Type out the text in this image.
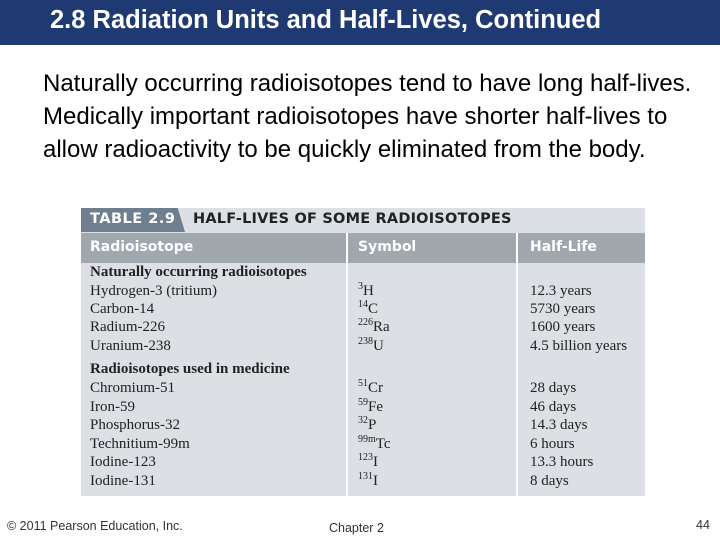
2.8 Radiation Units and Half-Lives, Continued

Naturally occurring radioisotopes tend to have long half-lives. Medically important radioisotopes have shorter half-lives to allow radioactivity to be quickly eliminated from the body.

TABLE 2.9 HALF-LIVES OF SOME RADIOISOTOPES
Radioisotope	Symbol	Half-Life
Naturally occurring radioisotopes
Hydrogen-3 (tritium)	$^3$H	12.3 years
Carbon-14	$^{14}$C	5730 years
Radium-226	$^{226}$Ra	1600 years
Uranium-238	$^{238}$U	4.5 billion years
Radioisotopes used in medicine
Chromium-51	$^{51}$Cr	28 days
Iron-59	$^{59}$Fe	46 days
Phosphorus-32	$^{32}$P	14.3 days
Technitium-99m	$^{99m}$Tc	6 hours
Iodine-123	$^{123}$I	13.3 hours
Iodine-131	$^{131}$I	8 days
© 2011 Pearson Education, Inc.	Chapter 2	44
